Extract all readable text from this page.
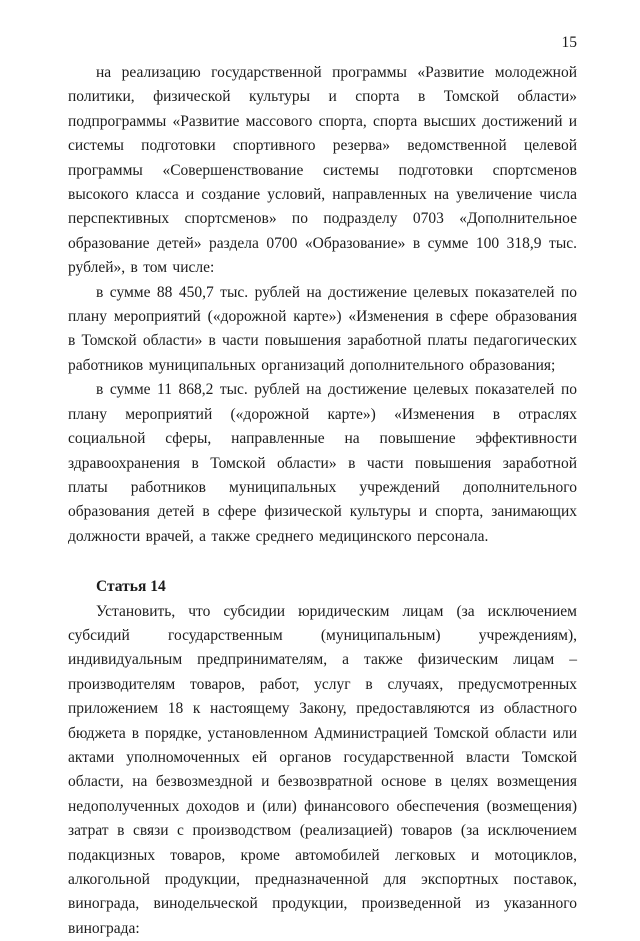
15

на реализацию государственной программы «Развитие молодежной политики, физической культуры и спорта в Томской области» подпрограммы «Развитие массового спорта, спорта высших достижений и системы подготовки спортивного резерва» ведомственной целевой программы «Совершенствование системы подготовки спортсменов высокого класса и создание условий, направленных на увеличение числа перспективных спортсменов» по подразделу 0703 «Дополнительное образование детей» раздела 0700 «Образование» в сумме 100 318,9 тыс. рублей», в том числе:

в сумме 88 450,7 тыс. рублей на достижение целевых показателей по плану мероприятий («дорожной карте») «Изменения в сфере образования в Томской области» в части повышения заработной платы педагогических работников муниципальных организаций дополнительного образования;

в сумме 11 868,2 тыс. рублей на достижение целевых показателей по плану мероприятий («дорожной карте») «Изменения в отраслях социальной сферы, направленные на повышение эффективности здравоохранения в Томской области» в части повышения заработной платы работников муниципальных учреждений дополнительного образования детей в сфере физической культуры и спорта, занимающих должности врачей, а также среднего медицинского персонала.

Статья 14

Установить, что субсидии юридическим лицам (за исключением субсидий государственным (муниципальным) учреждениям), индивидуальным предпринимателям, а также физическим лицам – производителям товаров, работ, услуг в случаях, предусмотренных приложением 18 к настоящему Закону, предоставляются из областного бюджета в порядке, установленном Администрацией Томской области или актами уполномоченных ей органов государственной власти Томской области, на безвозмездной и безвозвратной основе в целях возмещения недополученных доходов и (или) финансового обеспечения (возмещения) затрат в связи с производством (реализацией) товаров (за исключением подакцизных товаров, кроме автомобилей легковых и мотоциклов, алкогольной продукции, предназначенной для экспортных поставок, винограда, винодельческой продукции, произведенной из указанного винограда:
